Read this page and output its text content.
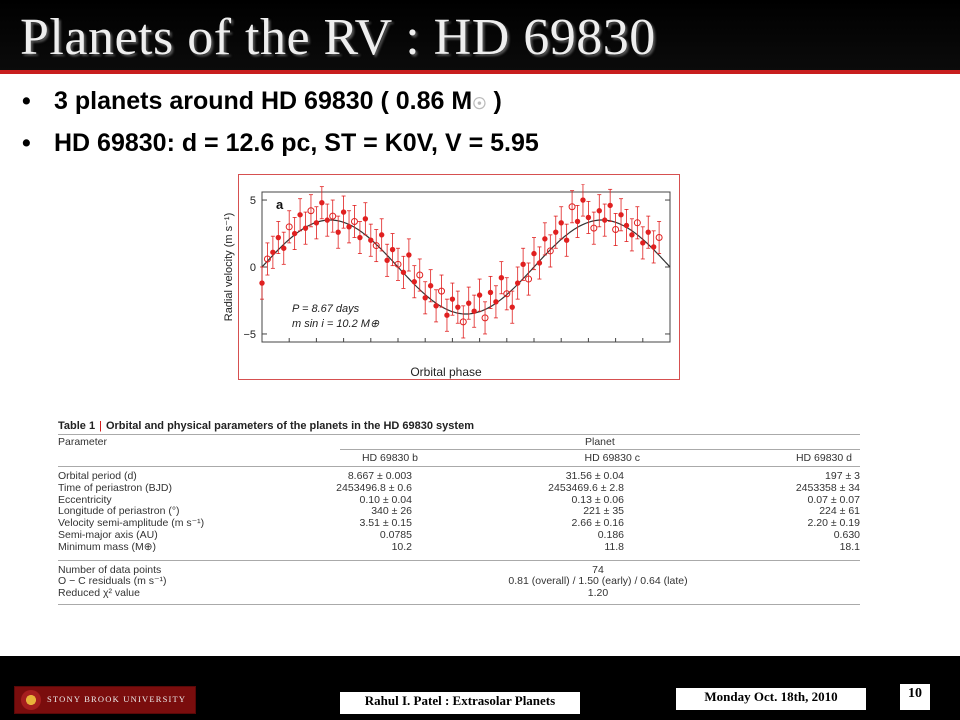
Planets of the RV : HD 69830
• 3 planets around HD 69830 ( 0.86 M☉ )
• HD 69830: d = 12.6 pc, ST = K0V, V = 5.95
Radial velocity (m s⁻¹)
Orbital phase
5
0
−5
a
P = 8.67 days
m sin i = 10.2 M⊕
Table 1 | Orbital and physical parameters of the planets in the HD 69830 system
Parameter	Planet
HD 69830 b	HD 69830 c	HD 69830 d
Orbital period (d)	8.667 ± 0.003	31.56 ± 0.04	197 ± 3
Time of periastron (BJD)	2453496.8 ± 0.6	2453469.6 ± 2.8	2453358 ± 34
Eccentricity	0.10 ± 0.04	0.13 ± 0.06	0.07 ± 0.07
Longitude of periastron (°)	340 ± 26	221 ± 35	224 ± 61
Velocity semi-amplitude (m s⁻¹)	3.51 ± 0.15	2.66 ± 0.16	2.20 ± 0.19
Semi-major axis (AU)	0.0785	0.186	0.630
Minimum mass (M⊕)	10.2	11.8	18.1
Number of data points	74
O − C residuals (m s⁻¹)	0.81 (overall) / 1.50 (early) / 0.64 (late)
Reduced χ² value	1.20
STONY BROOK UNIVERSITY	Rahul I. Patel : Extrasolar Planets	Monday Oct. 18th, 2010	10
